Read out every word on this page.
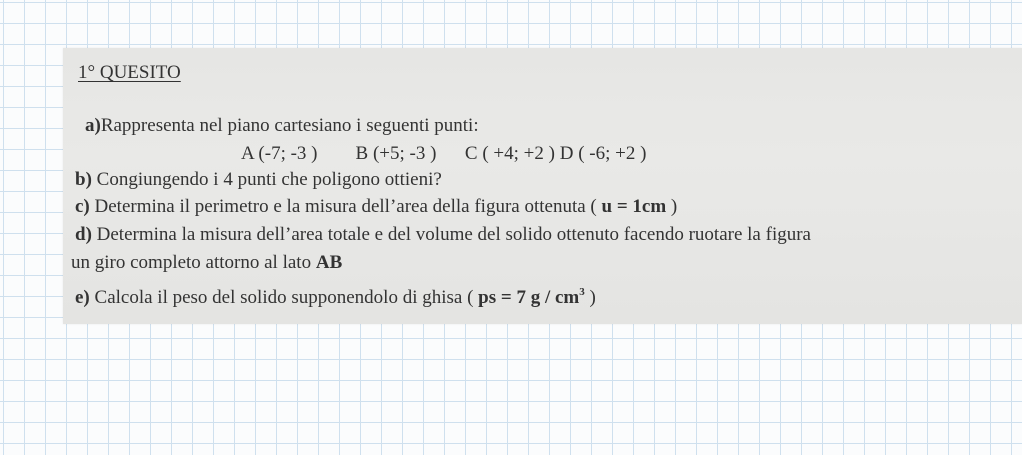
1° QUESITO
a)Rappresenta nel piano cartesiano i seguenti punti:
A (-7; -3 ) B (+5; -3 ) C ( +4; +2 ) D ( -6; +2 )
b) Congiungendo i 4 punti che poligono ottieni?
c) Determina il perimetro e la misura dell’area della figura ottenuta ( u = 1cm )
d) Determina la misura dell’area totale e del volume del solido ottenuto facendo ruotare la figura
un giro completo attorno al lato AB
e) Calcola il peso del solido supponendolo di ghisa ( ps = 7 g / $cm^3$ )
